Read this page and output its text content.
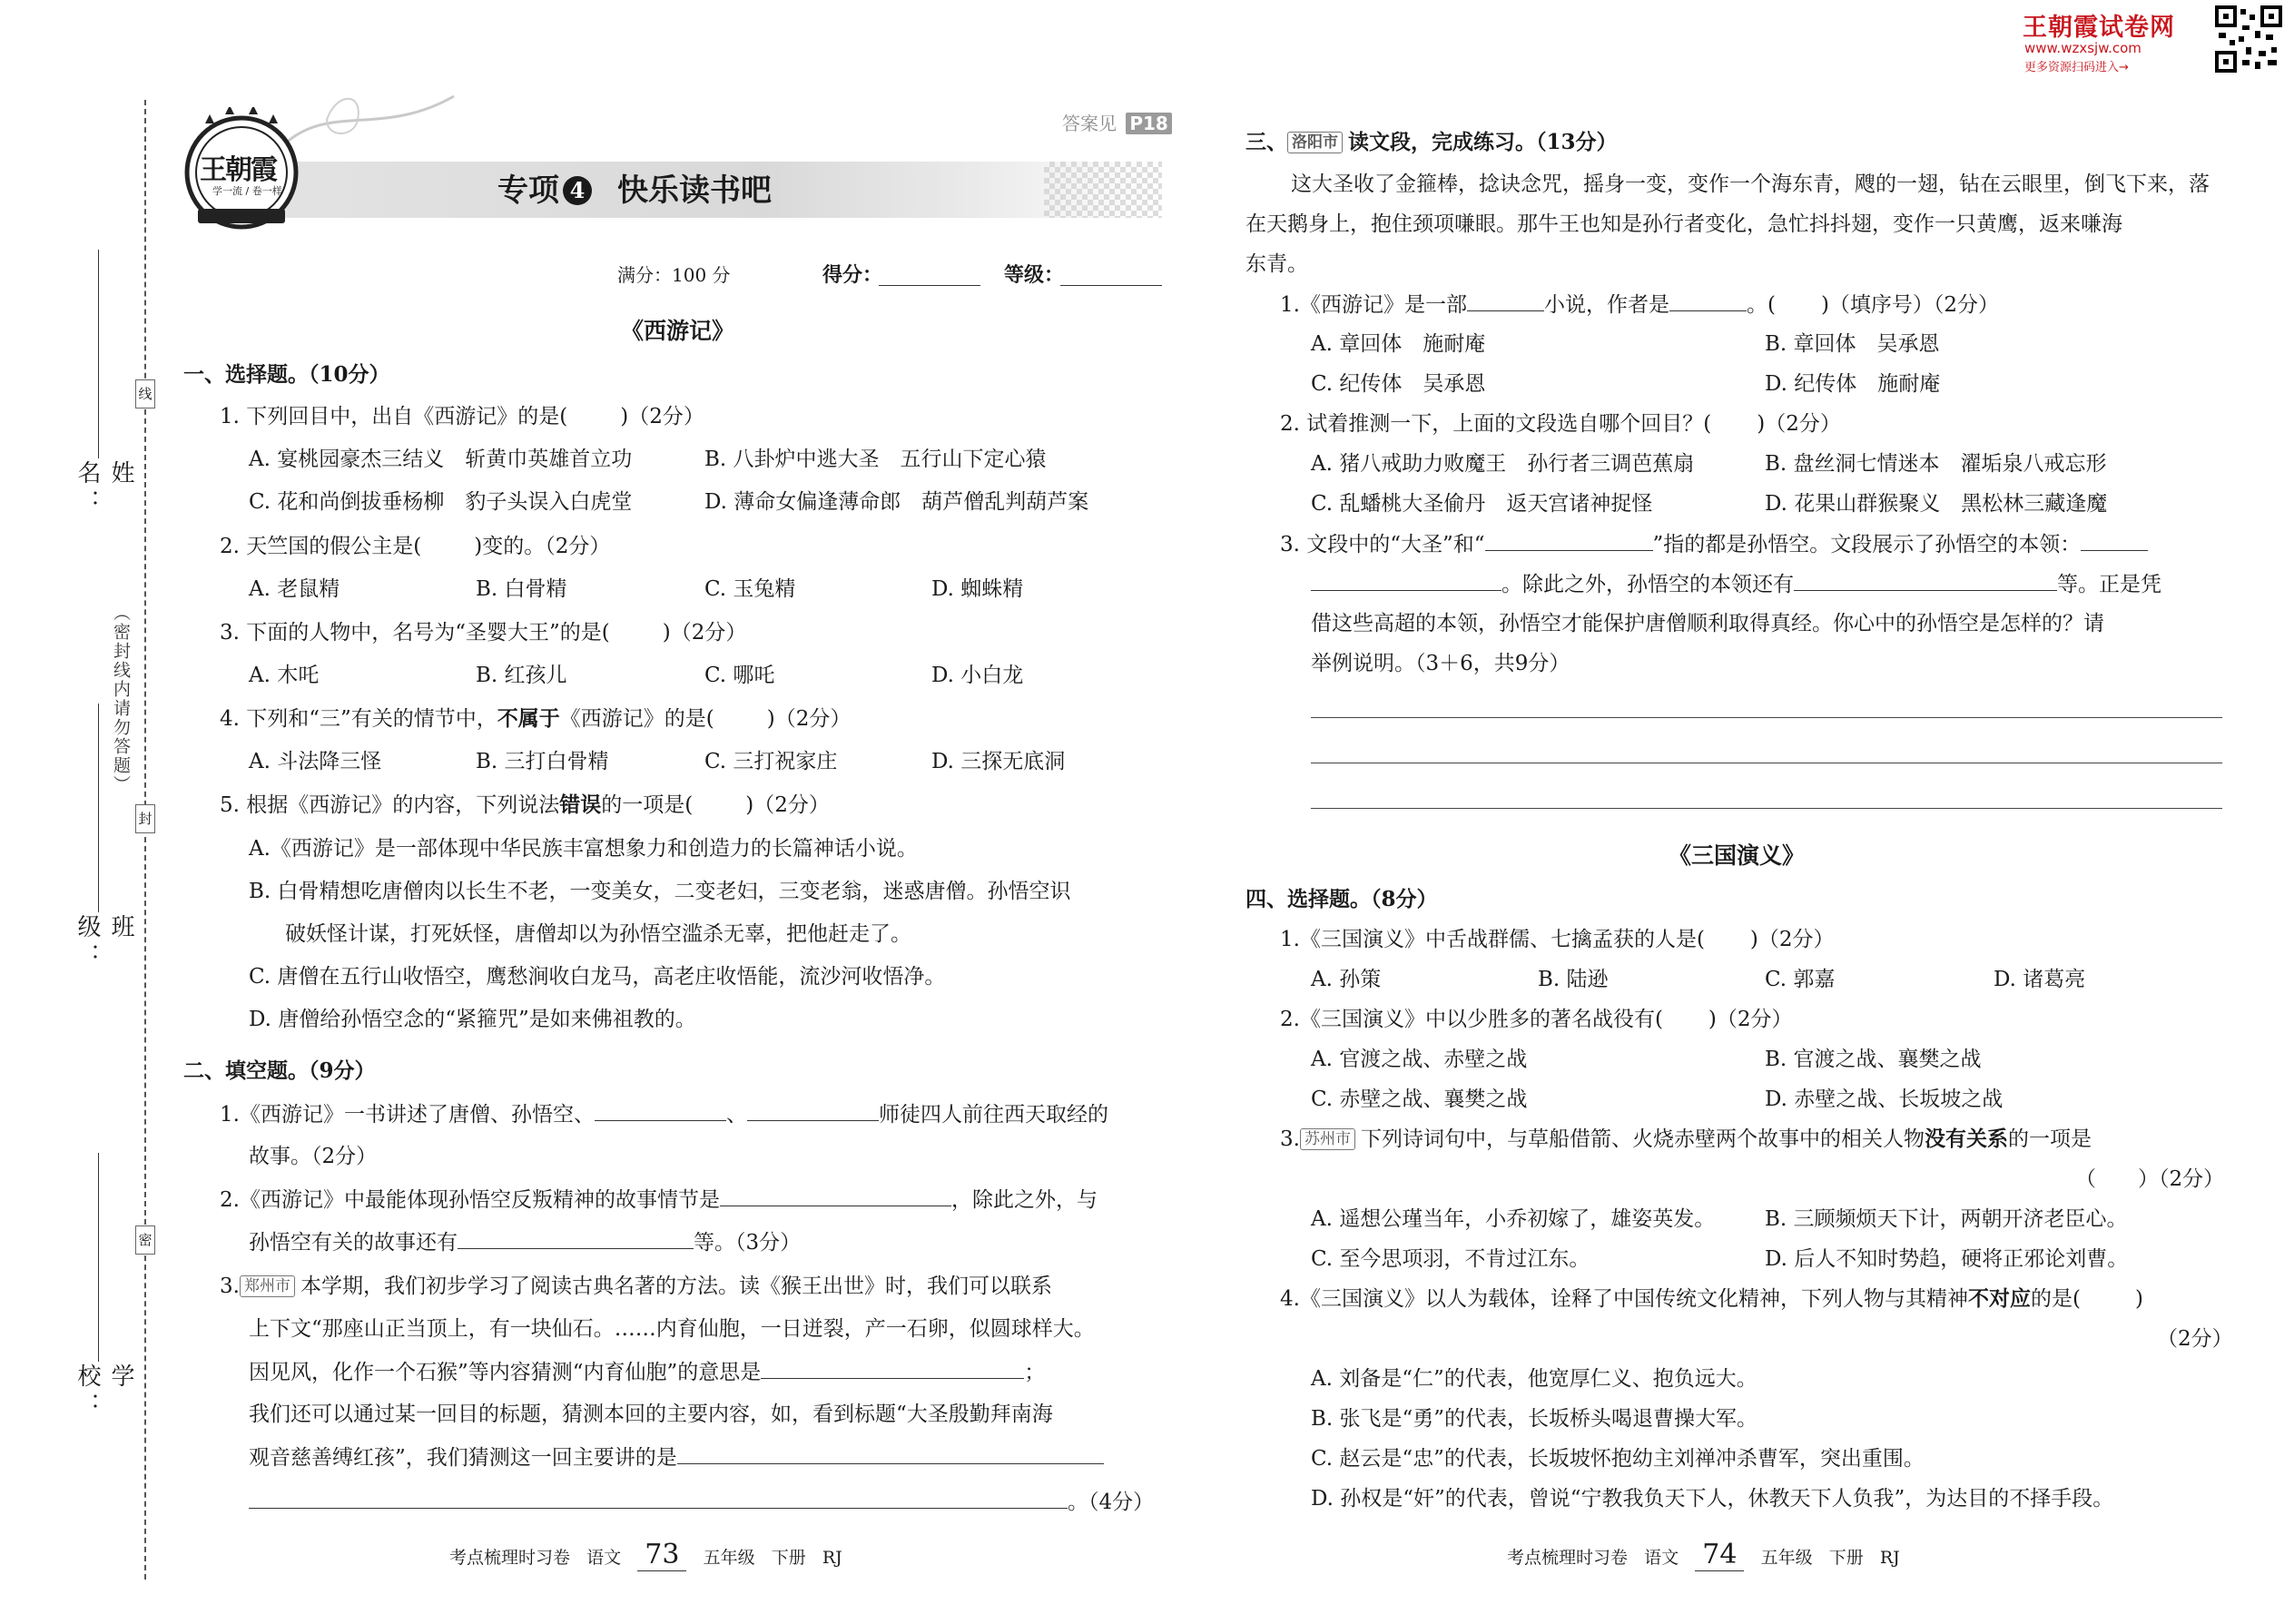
王朝霞试卷网
www.wzxsjw.com
更多资源扫码进入→
线
封
密
（密封线内请勿答题）
学校：
班级：
姓名：
王朝霞
学一流 / 卷一样
答案见 P18
专项 4 快乐读书吧
满分：100 分	得分：	等级：
《西游记》
一、选择题。（10分）
1. 下列回目中，出自《西游记》的是(	)（2分）
A. 宴桃园豪杰三结义　斩黄巾英雄首立功	B. 八卦炉中逃大圣　五行山下定心猿
C. 花和尚倒拔垂杨柳　豹子头误入白虎堂	D. 薄命女偏逢薄命郎　葫芦僧乱判葫芦案
2. 天竺国的假公主是(	)变的。（2分）
A. 老鼠精	B. 白骨精	C. 玉兔精	D. 蜘蛛精
3. 下面的人物中，名号为“圣婴大王”的是(	)（2分）
A. 木吒	B. 红孩儿	C. 哪吒	D. 小白龙
4. 下列和“三”有关的情节中，不属于《西游记》的是(	)（2分）
A. 斗法降三怪	B. 三打白骨精	C. 三打祝家庄	D. 三探无底洞
5. 根据《西游记》的内容，下列说法错误的一项是(	)（2分）
A.《西游记》是一部体现中华民族丰富想象力和创造力的长篇神话小说。
B. 白骨精想吃唐僧肉以长生不老，一变美女，二变老妇，三变老翁，迷惑唐僧。孙悟空识
破妖怪计谋，打死妖怪，唐僧却以为孙悟空滥杀无辜，把他赶走了。
C. 唐僧在五行山收悟空，鹰愁涧收白龙马，高老庄收悟能，流沙河收悟净。
D. 唐僧给孙悟空念的“紧箍咒”是如来佛祖教的。
二、填空题。（9分）
1.《西游记》一书讲述了唐僧、孙悟空、	、	师徒四人前往西天取经的
故事。（2分）
2.《西游记》中最能体现孙悟空反叛精神的故事情节是	，除此之外，与
孙悟空有关的故事还有	等。（3分）
3. 郑州市 本学期，我们初步学习了阅读古典名著的方法。读《猴王出世》时，我们可以联系
上下文“那座山正当顶上，有一块仙石。……内育仙胞，一日迸裂，产一石卵，似圆球样大。
因见风，化作一个石猴”等内容猜测“内育仙胞”的意思是	；
我们还可以通过某一回目的标题，猜测本回的主要内容，如，看到标题“大圣殷勤拜南海
观音慈善缚红孩”，我们猜测这一回主要讲的是
。（4分）
考点梳理时习卷 语文 73 五年级 下册 RJ
三、 洛阳市 读文段，完成练习。（13分）
这大圣收了金箍棒，捻诀念咒，摇身一变，变作一个海东青，飕的一翅，钻在云眼里，倒飞下来，落
在天鹅身上，抱住颈项嗛眼。那牛王也知是孙行者变化，急忙抖抖翅，变作一只黄鹰，返来嗛海
东青。
1.《西游记》是一部	小说，作者是	。( )（填序号）（2分）
A. 章回体　施耐庵	B. 章回体　吴承恩
C. 纪传体　吴承恩	D. 纪传体　施耐庵
2. 试着推测一下，上面的文段选自哪个回目？( )（2分）
A. 猪八戒助力败魔王　孙行者三调芭蕉扇	B. 盘丝洞七情迷本　濯垢泉八戒忘形
C. 乱蟠桃大圣偷丹　返天宫诸神捉怪	D. 花果山群猴聚义　黑松林三藏逢魔
3. 文段中的“大圣”和“	”指的都是孙悟空。文段展示了孙悟空的本领：
。除此之外，孙悟空的本领还有	等。正是凭
借这些高超的本领，孙悟空才能保护唐僧顺利取得真经。你心中的孙悟空是怎样的？请
举例说明。（3＋6，共9分）
《三国演义》
四、选择题。（8分）
1.《三国演义》中舌战群儒、七擒孟获的人是( )（2分）
A. 孙策	B. 陆逊	C. 郭嘉	D. 诸葛亮
2.《三国演义》中以少胜多的著名战役有( )（2分）
A. 官渡之战、赤壁之战	B. 官渡之战、襄樊之战
C. 赤壁之战、襄樊之战	D. 赤壁之战、长坂坡之战
3. 苏州市 下列诗词句中，与草船借箭、火烧赤壁两个故事中的相关人物没有关系的一项是
（　　）（2分）
A. 遥想公瑾当年，小乔初嫁了，雄姿英发。 B. 三顾频烦天下计，两朝开济老臣心。
C. 至今思项羽，不肯过江东。	D. 后人不知时势趋，硬将正邪论刘曹。
4.《三国演义》以人为载体，诠释了中国传统文化精神，下列人物与其精神不对应的是(	)
（2分）
A. 刘备是“仁”的代表，他宽厚仁义、抱负远大。
B. 张飞是“勇”的代表，长坂桥头喝退曹操大军。
C. 赵云是“忠”的代表，长坂坡怀抱幼主刘禅冲杀曹军，突出重围。
D. 孙权是“奸”的代表，曾说“宁教我负天下人，休教天下人负我”，为达目的不择手段。
考点梳理时习卷 语文 74 五年级 下册 RJ
